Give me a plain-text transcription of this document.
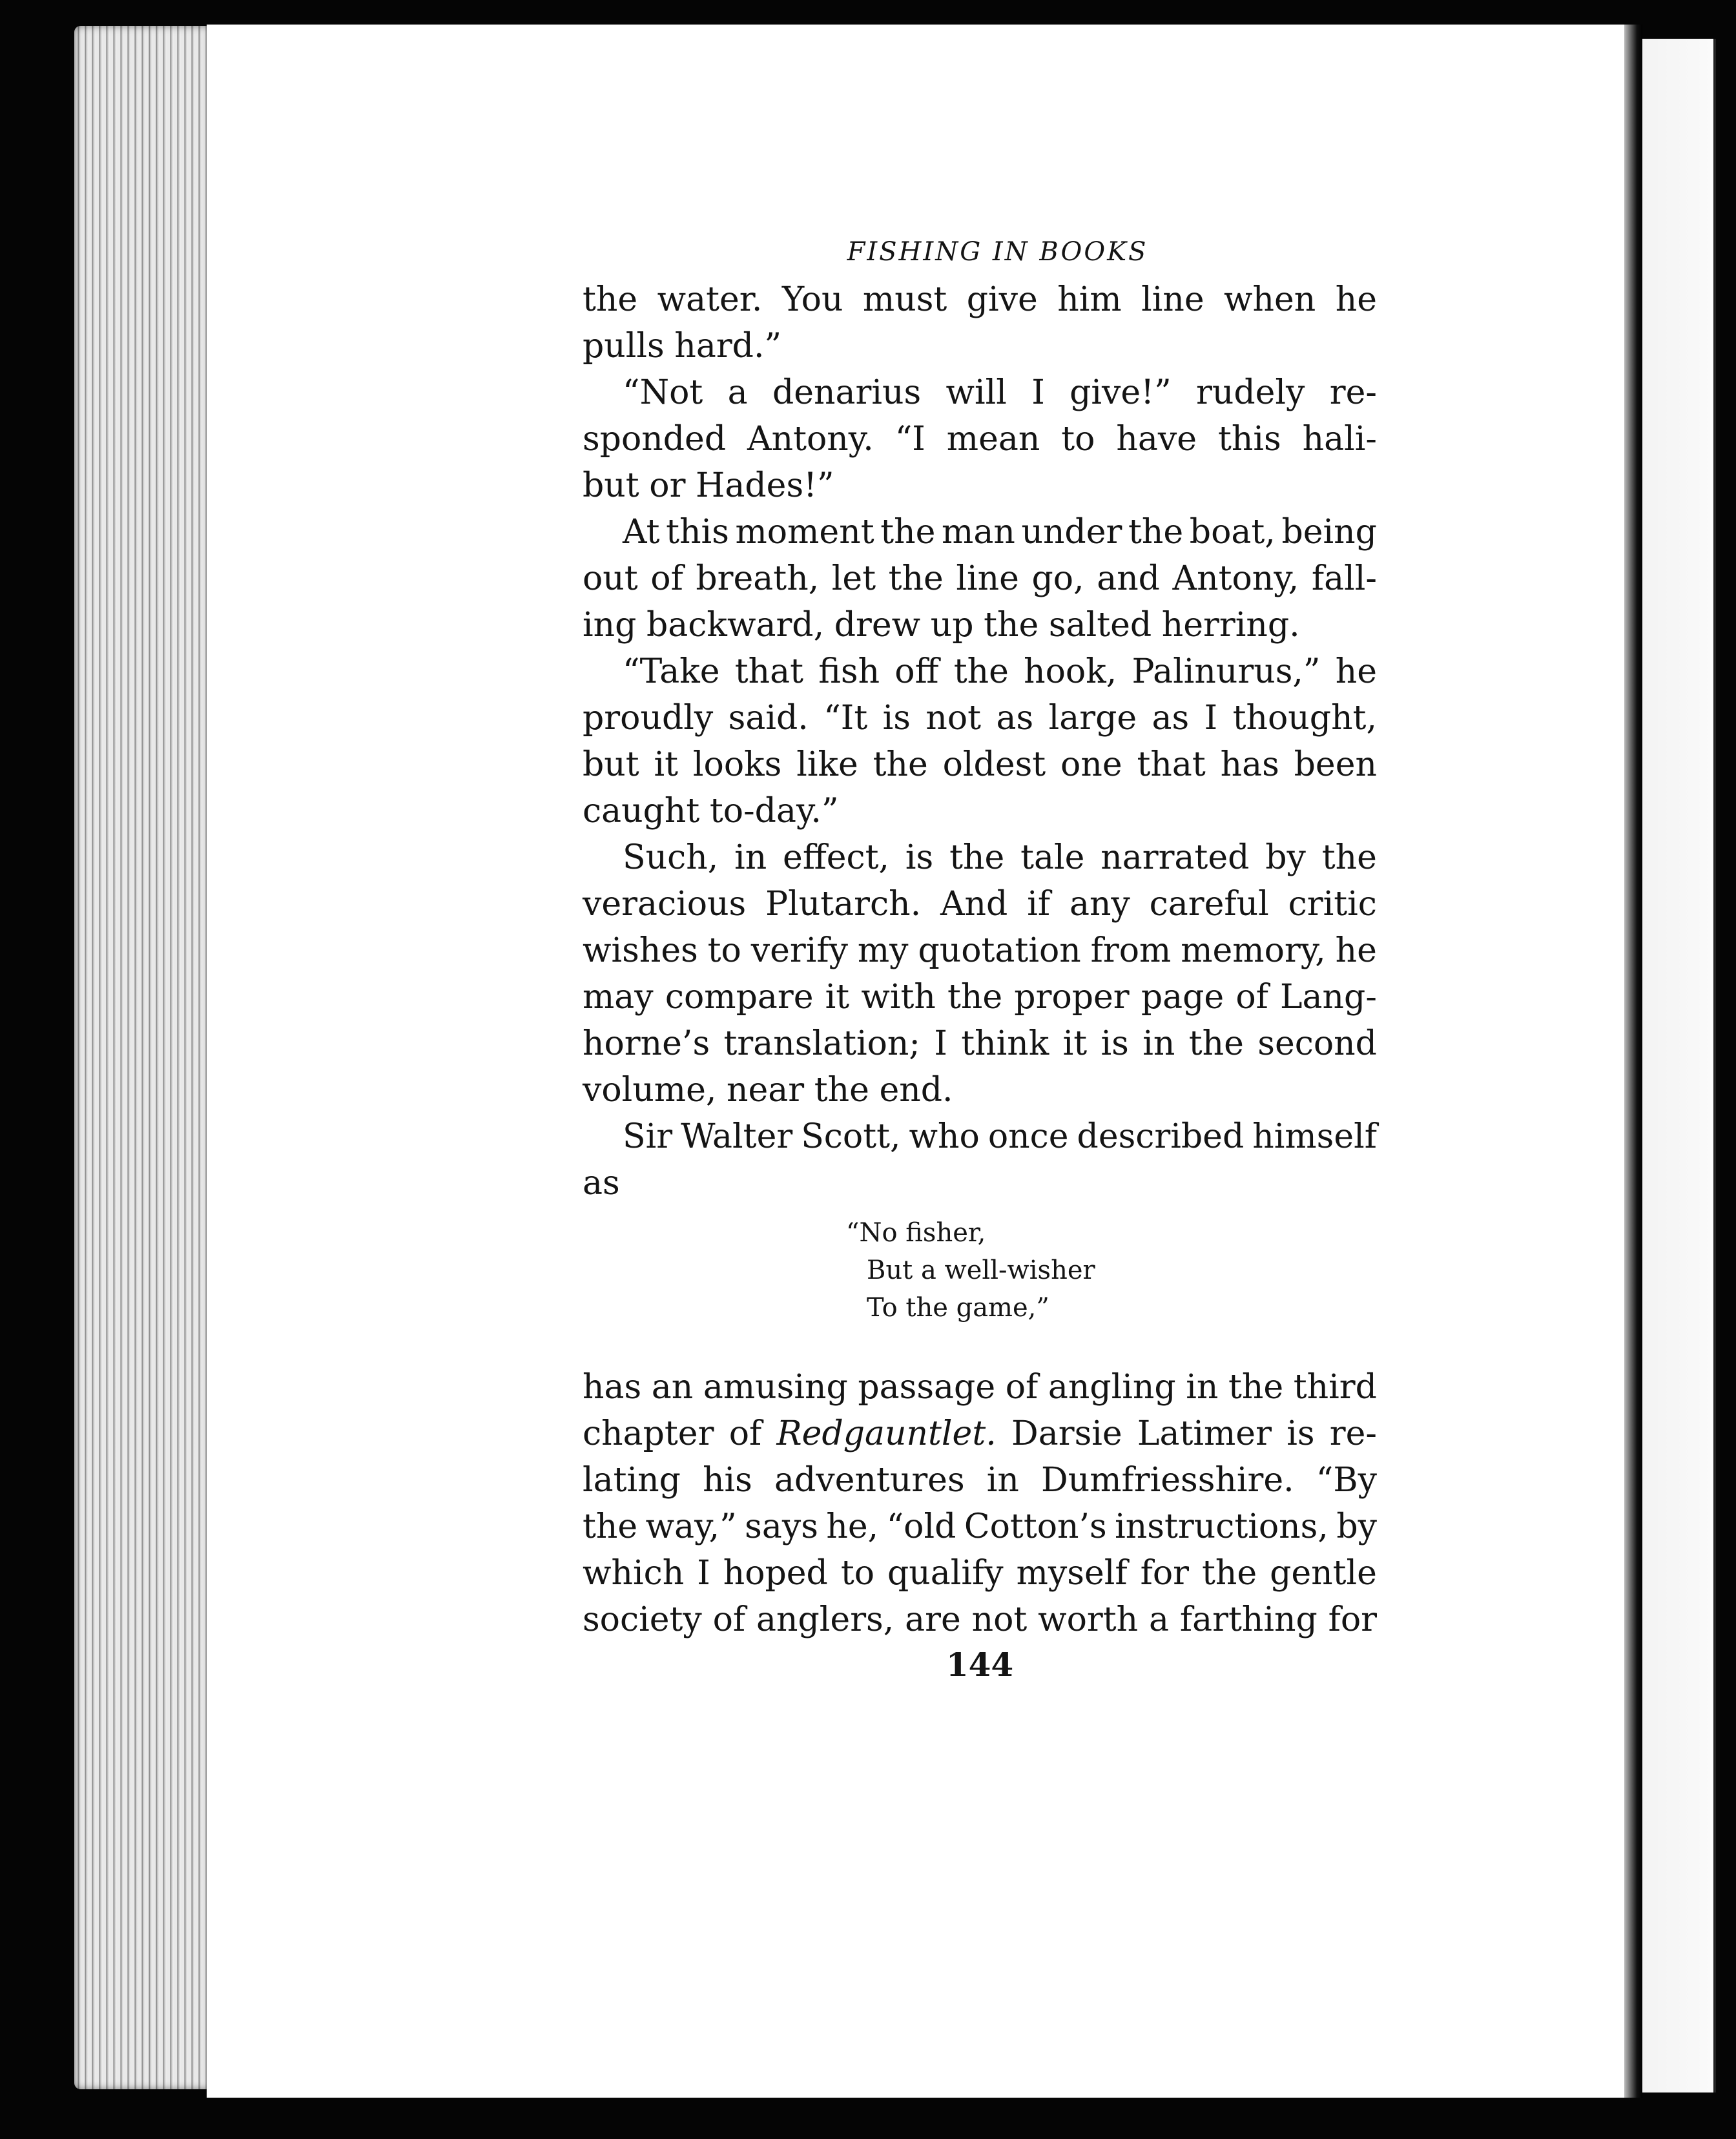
FISHING IN BOOKS
the water. You must give him line when he
pulls hard.”
“Not a denarius will I give!” rudely re-
sponded Antony. “I mean to have this hali-
but or Hades!”
At this moment the man under the boat, being
out of breath, let the line go, and Antony, fall-
ing backward, drew up the salted herring.
“Take that fish off the hook, Palinurus,” he
proudly said. “It is not as large as I thought,
but it looks like the oldest one that has been
caught to-day.”
Such, in effect, is the tale narrated by the
veracious Plutarch. And if any careful critic
wishes to verify my quotation from memory, he
may compare it with the proper page of Lang-
horne’s translation; I think it is in the second
volume, near the end.
Sir Walter Scott, who once described himself
as
“No fisher,
But a well-wisher
To the game,”
has an amusing passage of angling in the third
chapter of Redgauntlet. Darsie Latimer is re-
lating his adventures in Dumfriesshire. “By
the way,” says he, “old Cotton’s instructions, by
which I hoped to qualify myself for the gentle
society of anglers, are not worth a farthing for
144
